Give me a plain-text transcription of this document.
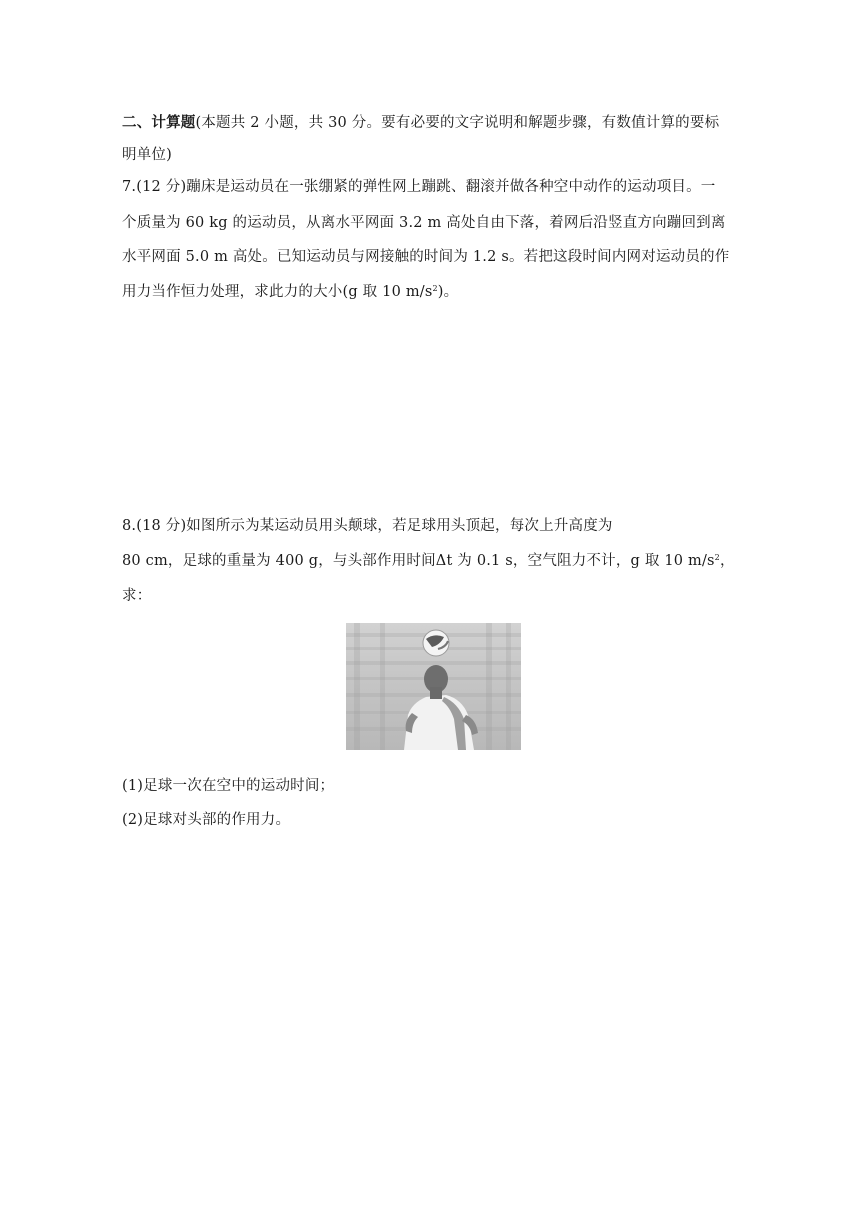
二、计算题(本题共 2 小题，共 30 分。要有必要的文字说明和解题步骤，有数值计算的要标
明单位)
7.(12 分)蹦床是运动员在一张绷紧的弹性网上蹦跳、翻滚并做各种空中动作的运动项目。一
个质量为 60 kg 的运动员，从离水平网面 3.2 m 高处自由下落，着网后沿竖直方向蹦回到离
水平网面 5.0 m 高处。已知运动员与网接触的时间为 1.2 s。若把这段时间内网对运动员的作
用力当作恒力处理，求此力的大小(g 取 10 $m/s^2$)。
8.(18 分)如图所示为某运动员用头颠球，若足球用头顶起，每次上升高度为
80 cm，足球的重量为 400 g，与头部作用时间Δt 为 0.1 s，空气阻力不计，g 取 10 $m/s^2$，
求：
(1)足球一次在空中的运动时间；
(2)足球对头部的作用力。
